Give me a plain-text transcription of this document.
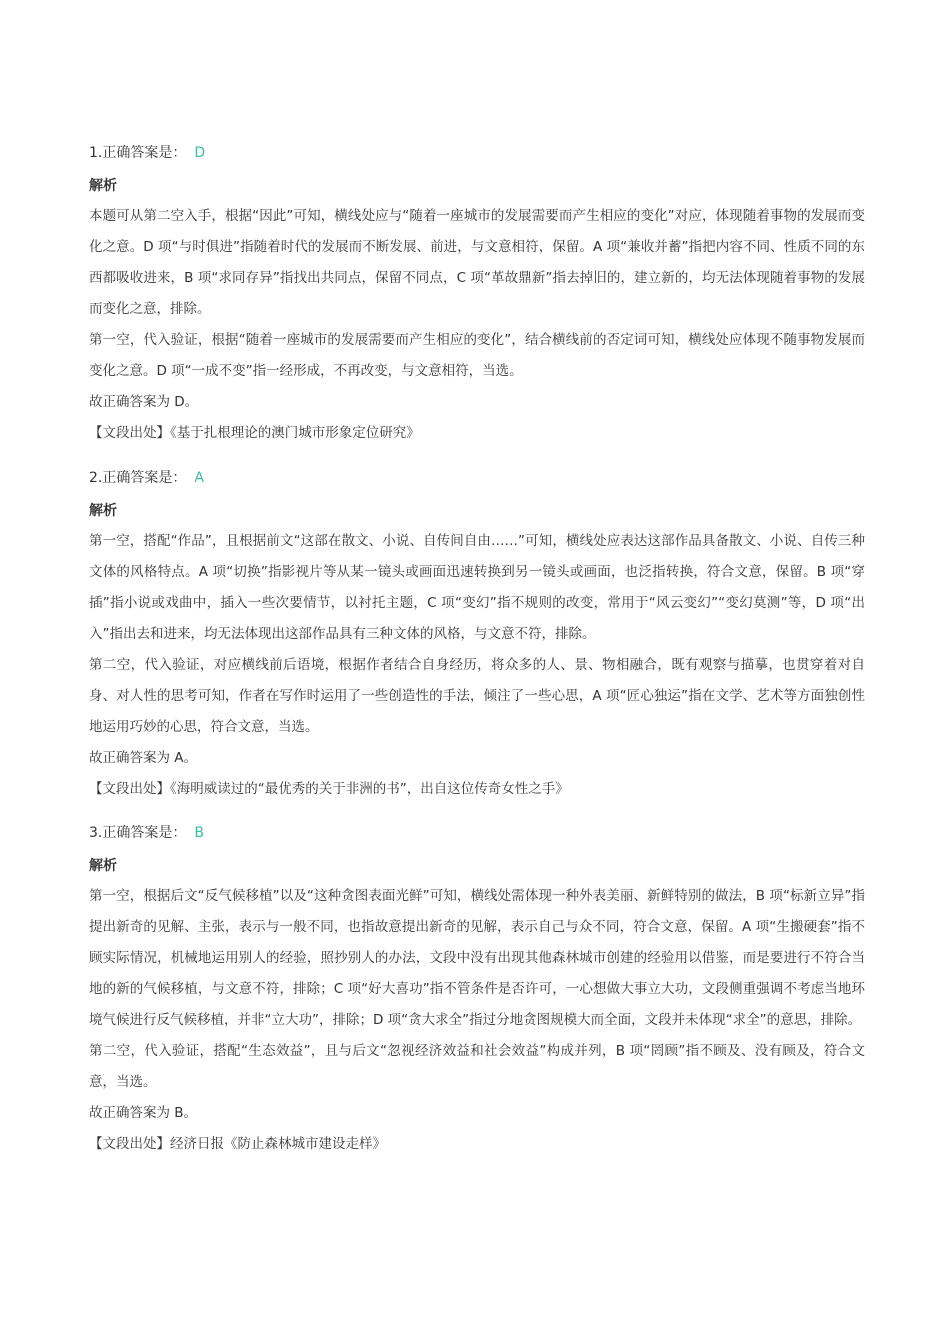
1.正确答案是： D
解析

本题可从第二空入手，根据“因此”可知，横线处应与“随着一座城市的发展需要而产生相应的变化”对应，体现随着事物的发展而变化之意。D 项“与时俱进”指随着时代的发展而不断发展、前进，与文意相符，保留。A 项“兼收并蓄”指把内容不同、性质不同的东西都吸收进来，B 项“求同存异”指找出共同点，保留不同点，C 项“革故鼎新”指去掉旧的，建立新的，均无法体现随着事物的发展而变化之意，排除。

第一空，代入验证，根据“随着一座城市的发展需要而产生相应的变化”，结合横线前的否定词可知，横线处应体现不随事物发展而变化之意。D 项“一成不变”指一经形成，不再改变，与文意相符，当选。

故正确答案为 D。

【文段出处】《基于扎根理论的澳门城市形象定位研究》

2.正确答案是： A
解析

第一空，搭配“作品”，且根据前文“这部在散文、小说、自传间自由……”可知，横线处应表达这部作品具备散文、小说、自传三种文体的风格特点。A 项“切换”指影视片等从某一镜头或画面迅速转换到另一镜头或画面，也泛指转换，符合文意，保留。B 项“穿插”指小说或戏曲中，插入一些次要情节，以衬托主题，C 项“变幻”指不规则的改变，常用于“风云变幻”“变幻莫测”等，D 项“出入”指出去和进来，均无法体现出这部作品具有三种文体的风格，与文意不符，排除。

第二空，代入验证，对应横线前后语境，根据作者结合自身经历，将众多的人、景、物相融合，既有观察与描摹，也贯穿着对自身、对人性的思考可知，作者在写作时运用了一些创造性的手法，倾注了一些心思，A 项“匠心独运”指在文学、艺术等方面独创性地运用巧妙的心思，符合文意，当选。

故正确答案为 A。

【文段出处】《海明威读过的“最优秀的关于非洲的书”，出自这位传奇女性之手》

3.正确答案是： B
解析

第一空，根据后文“反气候移植”以及“这种贪图表面光鲜”可知，横线处需体现一种外表美丽、新鲜特别的做法，B 项“标新立异”指提出新奇的见解、主张，表示与一般不同，也指故意提出新奇的见解，表示自己与众不同，符合文意，保留。A 项“生搬硬套”指不顾实际情况，机械地运用别人的经验，照抄别人的办法，文段中没有出现其他森林城市创建的经验用以借鉴，而是要进行不符合当地的新的气候移植，与文意不符，排除；C 项“好大喜功”指不管条件是否许可，一心想做大事立大功，文段侧重强调不考虑当地环境气候进行反气候移植，并非“立大功”，排除；D 项“贪大求全”指过分地贪图规模大而全面，文段并未体现“求全”的意思，排除。

第二空，代入验证，搭配“生态效益”，且与后文“忽视经济效益和社会效益”构成并列，B 项“罔顾”指不顾及、没有顾及，符合文意，当选。

故正确答案为 B。

【文段出处】经济日报《防止森林城市建设走样》
